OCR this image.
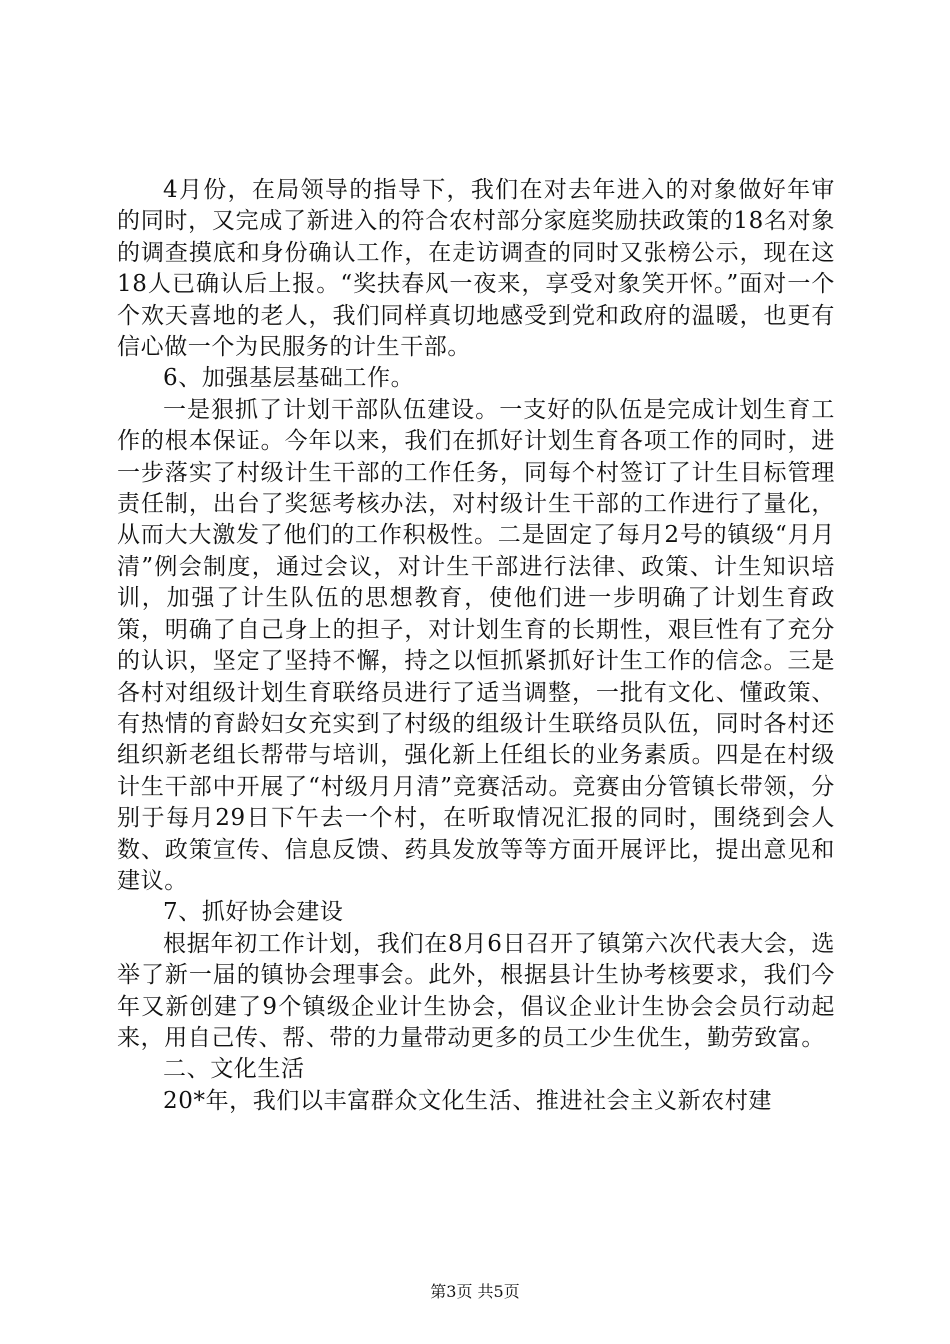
4月份，在局领导的指导下，我们在对去年进入的对象做好年审的同时，又完成了新进入的符合农村部分家庭奖励扶政策的18名对象的调查摸底和身份确认工作，在走访调查的同时又张榜公示，现在这18人已确认后上报。“奖扶春风一夜来，享受对象笑开怀。”面对一个个欢天喜地的老人，我们同样真切地感受到党和政府的温暖，也更有信心做一个为民服务的计生干部。

6、加强基层基础工作。

一是狠抓了计划干部队伍建设。一支好的队伍是完成计划生育工作的根本保证。今年以来，我们在抓好计划生育各项工作的同时，进一步落实了村级计生干部的工作任务，同每个村签订了计生目标管理责任制，出台了奖惩考核办法，对村级计生干部的工作进行了量化，从而大大激发了他们的工作积极性。二是固定了每月2号的镇级“月月清”例会制度，通过会议，对计生干部进行法律、政策、计生知识培训，加强了计生队伍的思想教育，使他们进一步明确了计划生育政策，明确了自己身上的担子，对计划生育的长期性，艰巨性有了充分的认识，坚定了坚持不懈，持之以恒抓紧抓好计生工作的信念。三是各村对组级计划生育联络员进行了适当调整，一批有文化、懂政策、有热情的育龄妇女充实到了村级的组级计生联络员队伍，同时各村还组织新老组长帮带与培训，强化新上任组长的业务素质。四是在村级计生干部中开展了“村级月月清”竞赛活动。竞赛由分管镇长带领，分别于每月29日下午去一个村，在听取情况汇报的同时，围绕到会人数、政策宣传、信息反馈、药具发放等等方面开展评比，提出意见和建议。

7、抓好协会建设

根据年初工作计划，我们在8月6日召开了镇第六次代表大会，选举了新一届的镇协会理事会。此外，根据县计生协考核要求，我们今年又新创建了9个镇级企业计生协会，倡议企业计生协会会员行动起来，用自己传、帮、带的力量带动更多的员工少生优生，勤劳致富。

二、文化生活

20*年，我们以丰富群众文化生活、推进社会主义新农村建

第3页 共5页
